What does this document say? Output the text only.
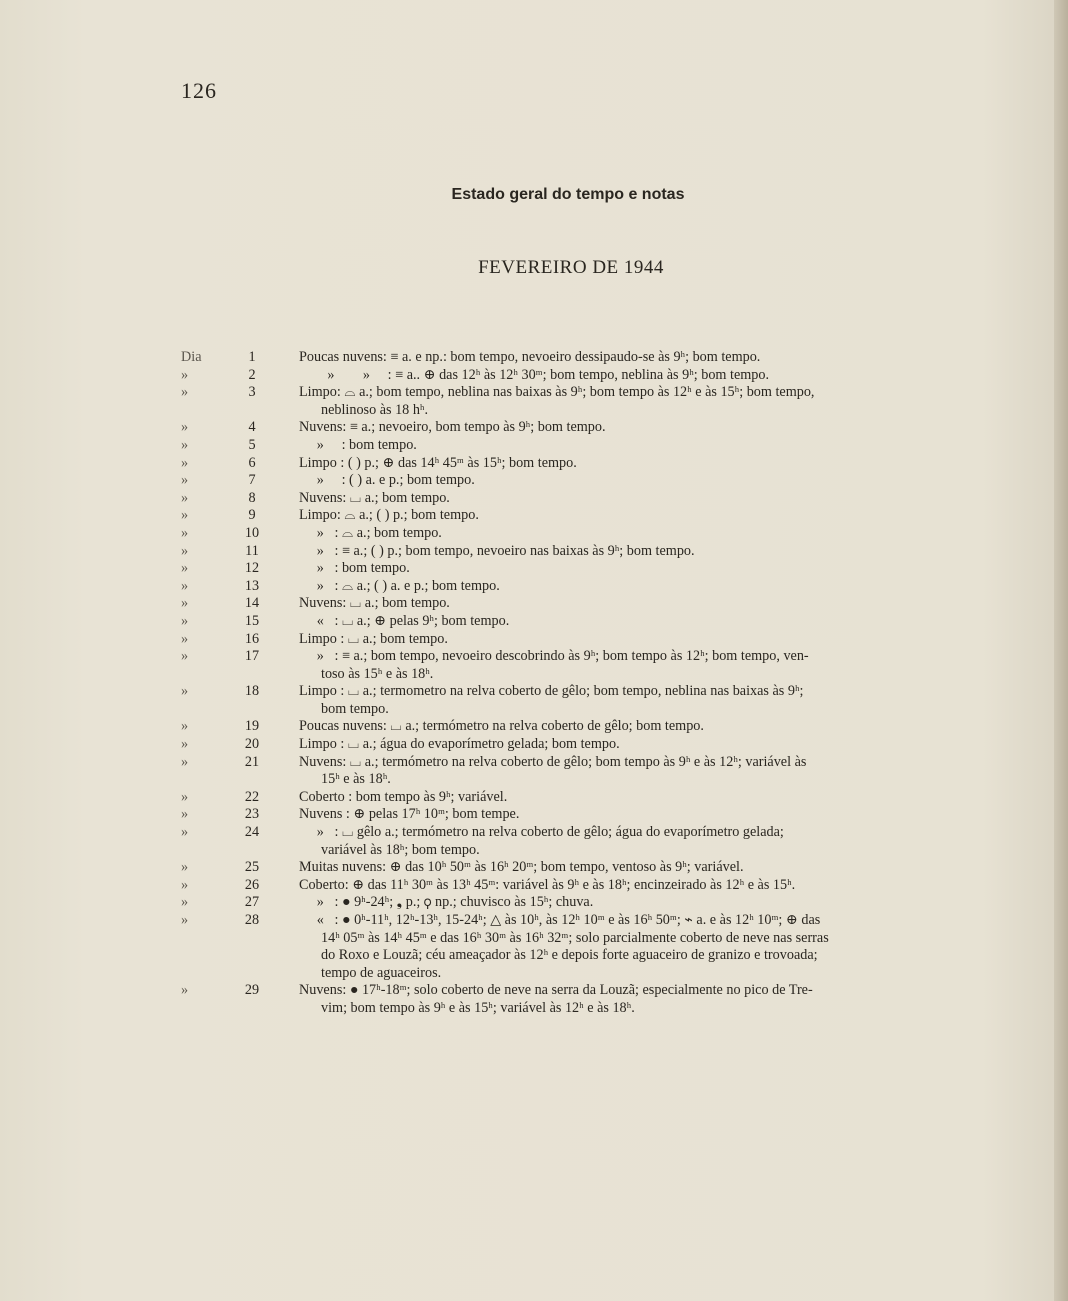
126
Estado geral do tempo e notas
FEVEREIRO DE 1944
Dia	1	Poucas nuvens: ≡ a. e np.: bom tempo, nevoeiro dessipaudo-se às 9ʰ; bom tempo.
»	2	»        »     : ≡ a.. ⊕ das 12ʰ às 12ʰ 30ᵐ; bom tempo, neblina às 9ʰ; bom tempo.
»	3	Limpo: ⌓ a.; bom tempo, neblina nas baixas às 9ʰ; bom tempo às 12ʰ e às 15ʰ; bom tempo,
neblinoso às 18 hʰ.
»	4	Nuvens: ≡ a.; nevoeiro, bom tempo às 9ʰ; bom tempo.
»	5	»     : bom tempo.
»	6	Limpo : ( ) p.; ⊕ das 14ʰ 45ᵐ às 15ʰ; bom tempo.
»	7	»     : ( ) a. e p.; bom tempo.
»	8	Nuvens: ⌴ a.; bom tempo.
»	9	Limpo: ⌓ a.; ( ) p.; bom tempo.
»	10	»   : ⌓ a.; bom tempo.
»	11	»   : ≡ a.; ( ) p.; bom tempo, nevoeiro nas baixas às 9ʰ; bom tempo.
»	12	»   : bom tempo.
»	13	»   : ⌓ a.; ( ) a. e p.; bom tempo.
»	14	Nuvens: ⌴ a.; bom tempo.
»	15	«   : ⌴ a.; ⊕ pelas 9ʰ; bom tempo.
»	16	Limpo : ⌴ a.; bom tempo.
»	17	»   : ≡ a.; bom tempo, nevoeiro descobrindo às 9ʰ; bom tempo às 12ʰ; bom tempo, ven-
toso às 15ʰ e às 18ʰ.
»	18	Limpo : ⌴ a.; termometro na relva coberto de gêlo; bom tempo, neblina nas baixas às 9ʰ;
bom tempo.
»	19	Poucas nuvens: ⌴ a.; termómetro na relva coberto de gêlo; bom tempo.
»	20	Limpo : ⌴ a.; água do evaporímetro gelada; bom tempo.
»	21	Nuvens: ⌴ a.; termómetro na relva coberto de gêlo; bom tempo às 9ʰ e às 12ʰ; variável às
15ʰ e às 18ʰ.
»	22	Coberto : bom tempo às 9ʰ; variável.
»	23	Nuvens : ⊕ pelas 17ʰ 10ᵐ; bom tempe.
»	24	»   : ⌴ gêlo a.; termómetro na relva coberto de gêlo; água do evaporímetro gelada;
variável às 18ʰ; bom tempo.
»	25	Muitas nuvens: ⊕ das 10ʰ 50ᵐ às 16ʰ 20ᵐ; bom tempo, ventoso às 9ʰ; variável.
»	26	Coberto: ⊕ das 11ʰ 30ᵐ às 13ʰ 45ᵐ: variável às 9ʰ e às 18ʰ; encinzeirado às 12ʰ e às 15ʰ.
»	27	»   : ● 9ʰ-24ʰ; ❟ p.; ⚲ np.; chuvisco às 15ʰ; chuva.
»	28	«   : ● 0ʰ-11ʰ, 12ʰ-13ʰ, 15-24ʰ; △ às 10ʰ, às 12ʰ 10ᵐ e às 16ʰ 50ᵐ; ⌁ a. e às 12ʰ 10ᵐ; ⊕ das
14ʰ 05ᵐ às 14ʰ 45ᵐ e das 16ʰ 30ᵐ às 16ʰ 32ᵐ; solo parcialmente coberto de neve nas serras
do Roxo e Louzã; céu ameaçador às 12ʰ e depois forte aguaceiro de granizo e trovoada;
tempo de aguaceiros.
»	29	Nuvens: ● 17ʰ-18ᵐ; solo coberto de neve na serra da Louzã; especialmente no pico de Tre-
vim; bom tempo às 9ʰ e às 15ʰ; variável às 12ʰ e às 18ʰ.
